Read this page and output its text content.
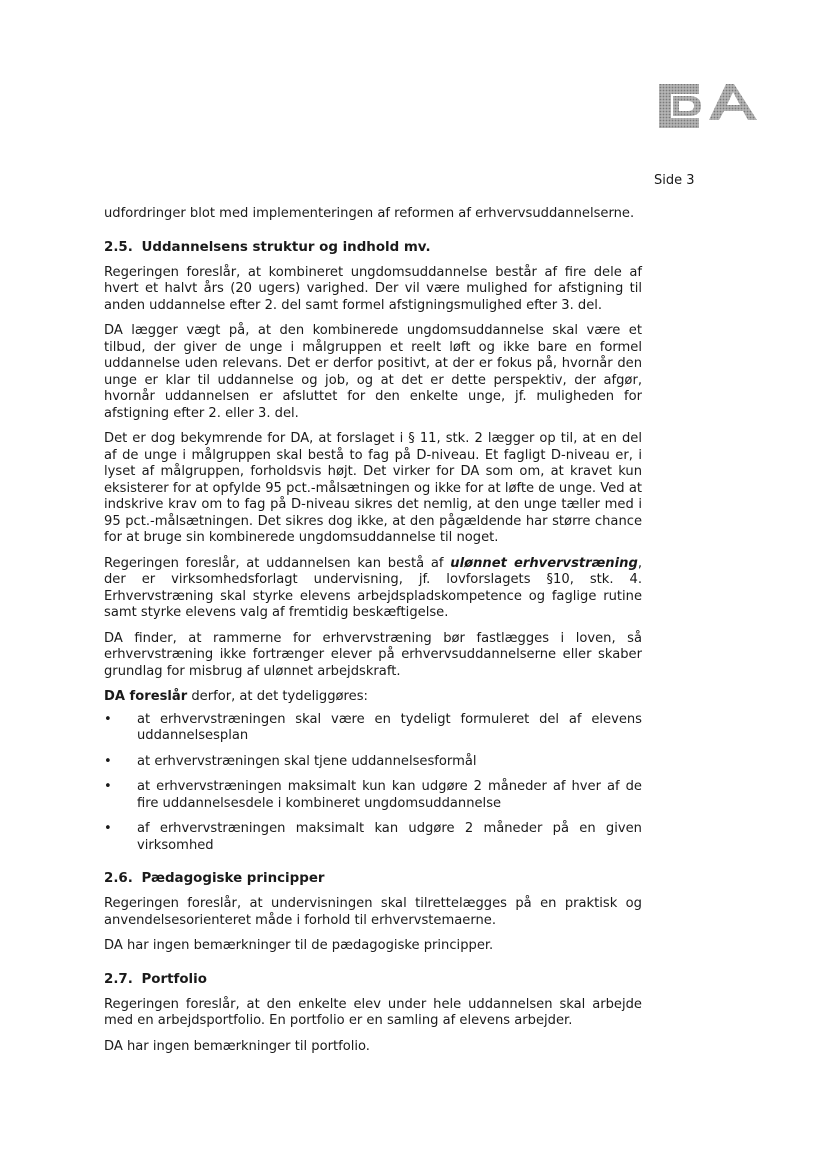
Side 3

udfordringer blot med implementeringen af reformen af erhvervsuddannelserne.

2.5. Uddannelsens struktur og indhold mv.

Regeringen foreslår, at kombineret ungdomsuddannelse består af fire dele af hvert et halvt års (20 ugers) varighed. Der vil være mulighed for afstigning til anden uddannelse efter 2. del samt formel afstigningsmulighed efter 3. del.

DA lægger vægt på, at den kombinerede ungdomsuddannelse skal være et tilbud, der giver de unge i målgruppen et reelt løft og ikke bare en formel uddannelse uden relevans. Det er derfor positivt, at der er fokus på, hvornår den unge er klar til uddannelse og job, og at det er dette perspektiv, der afgør, hvornår uddannelsen er afsluttet for den enkelte unge, jf. muligheden for afstigning efter 2. eller 3. del.

Det er dog bekymrende for DA, at forslaget i § 11, stk. 2 lægger op til, at en del af de unge i målgruppen skal bestå to fag på D-niveau. Et fagligt D-niveau er, i lyset af målgruppen, forholdsvis højt. Det virker for DA som om, at kravet kun eksisterer for at opfylde 95 pct.-målsætningen og ikke for at løfte de unge. Ved at indskrive krav om to fag på D-niveau sikres det nemlig, at den unge tæller med i 95 pct.-målsætningen. Det sikres dog ikke, at den pågældende har større chance for at bruge sin kombinerede ungdomsuddannelse til noget.

Regeringen foreslår, at uddannelsen kan bestå af ulønnet erhvervstræning, der er virksomhedsforlagt undervisning, jf. lovforslagets §10, stk. 4. Erhvervstræning skal styrke elevens arbejdspladskompetence og faglige rutine samt styrke elevens valg af fremtidig beskæftigelse.

DA finder, at rammerne for erhvervstræning bør fastlægges i loven, så erhvervstræning ikke fortrænger elever på erhvervsuddannelserne eller skaber grundlag for misbrug af ulønnet arbejdskraft.

DA foreslår derfor, at det tydeliggøres:

• at erhvervstræningen skal være en tydeligt formuleret del af elevens uddannelsesplan
• at erhvervstræningen skal tjene uddannelsesformål
• at erhvervstræningen maksimalt kun kan udgøre 2 måneder af hver af de fire uddannelsesdele i kombineret ungdomsuddannelse
• af erhvervstræningen maksimalt kan udgøre 2 måneder på en given virksomhed
2.6. Pædagogiske principper

Regeringen foreslår, at undervisningen skal tilrettelægges på en praktisk og anvendelsesorienteret måde i forhold til erhvervstemaerne.

DA har ingen bemærkninger til de pædagogiske principper.

2.7. Portfolio

Regeringen foreslår, at den enkelte elev under hele uddannelsen skal arbejde med en arbejdsportfolio. En portfolio er en samling af elevens arbejder.

DA har ingen bemærkninger til portfolio.
